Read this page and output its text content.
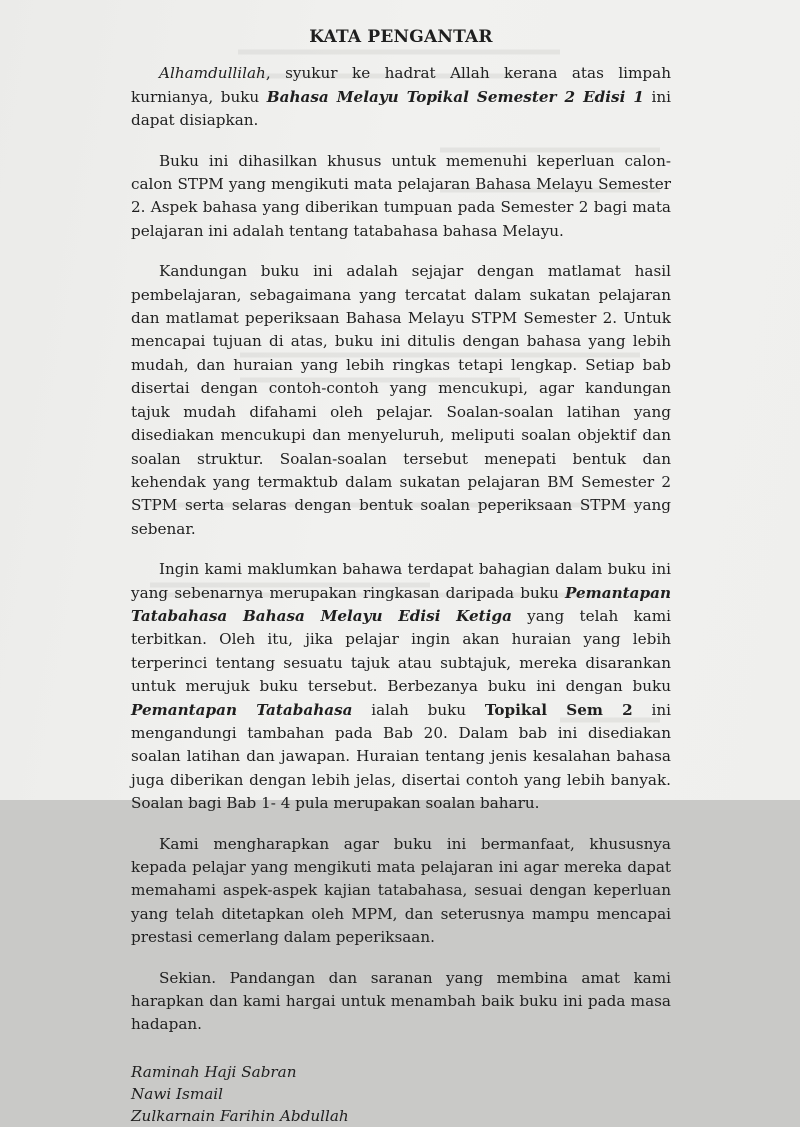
KATA PENGANTAR
Alhamdullilah, syukur ke hadrat Allah kerana atas limpah kurnianya, buku Bahasa Melayu Topikal Semester 2 Edisi 1 ini dapat disiapkan.
Buku ini dihasilkan khusus untuk memenuhi keperluan calon-calon STPM yang mengikuti mata pelajaran Bahasa Melayu Semester 2. Aspek bahasa yang diberikan tumpuan pada Semester 2 bagi mata pelajaran ini adalah tentang tatabahasa bahasa Melayu.
Kandungan buku ini adalah sejajar dengan matlamat hasil pembelajaran, sebagaimana yang tercatat dalam sukatan pelajaran dan matlamat peperiksaan Bahasa Melayu STPM Semester 2. Untuk mencapai tujuan di atas, buku ini ditulis dengan bahasa yang lebih mudah, dan huraian yang lebih ringkas tetapi lengkap. Setiap bab disertai dengan contoh-contoh yang mencukupi, agar kandungan tajuk mudah difahami oleh pelajar. Soalan-soalan latihan yang disediakan mencukupi dan menyeluruh, meliputi soalan objektif dan soalan struktur. Soalan-soalan tersebut menepati bentuk dan kehendak yang termaktub dalam sukatan pelajaran BM Semester 2 STPM serta selaras dengan bentuk soalan peperiksaan STPM yang sebenar.
Ingin kami maklumkan bahawa terdapat bahagian dalam buku ini yang sebenarnya merupakan ringkasan daripada buku Pemantapan Tatabahasa Bahasa Melayu Edisi Ketiga yang telah kami terbitkan. Oleh itu, jika pelajar ingin akan huraian yang lebih terperinci tentang sesuatu tajuk atau subtajuk, mereka disarankan untuk merujuk buku tersebut. Berbezanya buku ini dengan buku Pemantapan Tatabahasa ialah buku Topikal Sem 2 ini mengandungi tambahan pada Bab 20. Dalam bab ini disediakan soalan latihan dan jawapan. Huraian tentang jenis kesalahan bahasa juga diberikan dengan lebih jelas, disertai contoh yang lebih banyak. Soalan bagi Bab 1- 4 pula merupakan soalan baharu.
Kami mengharapkan agar buku ini bermanfaat, khususnya kepada pelajar yang mengikuti mata pelajaran ini agar mereka dapat memahami aspek-aspek kajian tatabahasa, sesuai dengan keperluan yang telah ditetapkan oleh MPM, dan seterusnya mampu mencapai prestasi cemerlang dalam peperiksaan.
Sekian. Pandangan dan saranan yang membina amat kami harapkan dan kami hargai untuk menambah baik buku ini pada masa hadapan.
Raminah Haji Sabran
Nawi Ismail
Zulkarnain Farihin Abdullah
